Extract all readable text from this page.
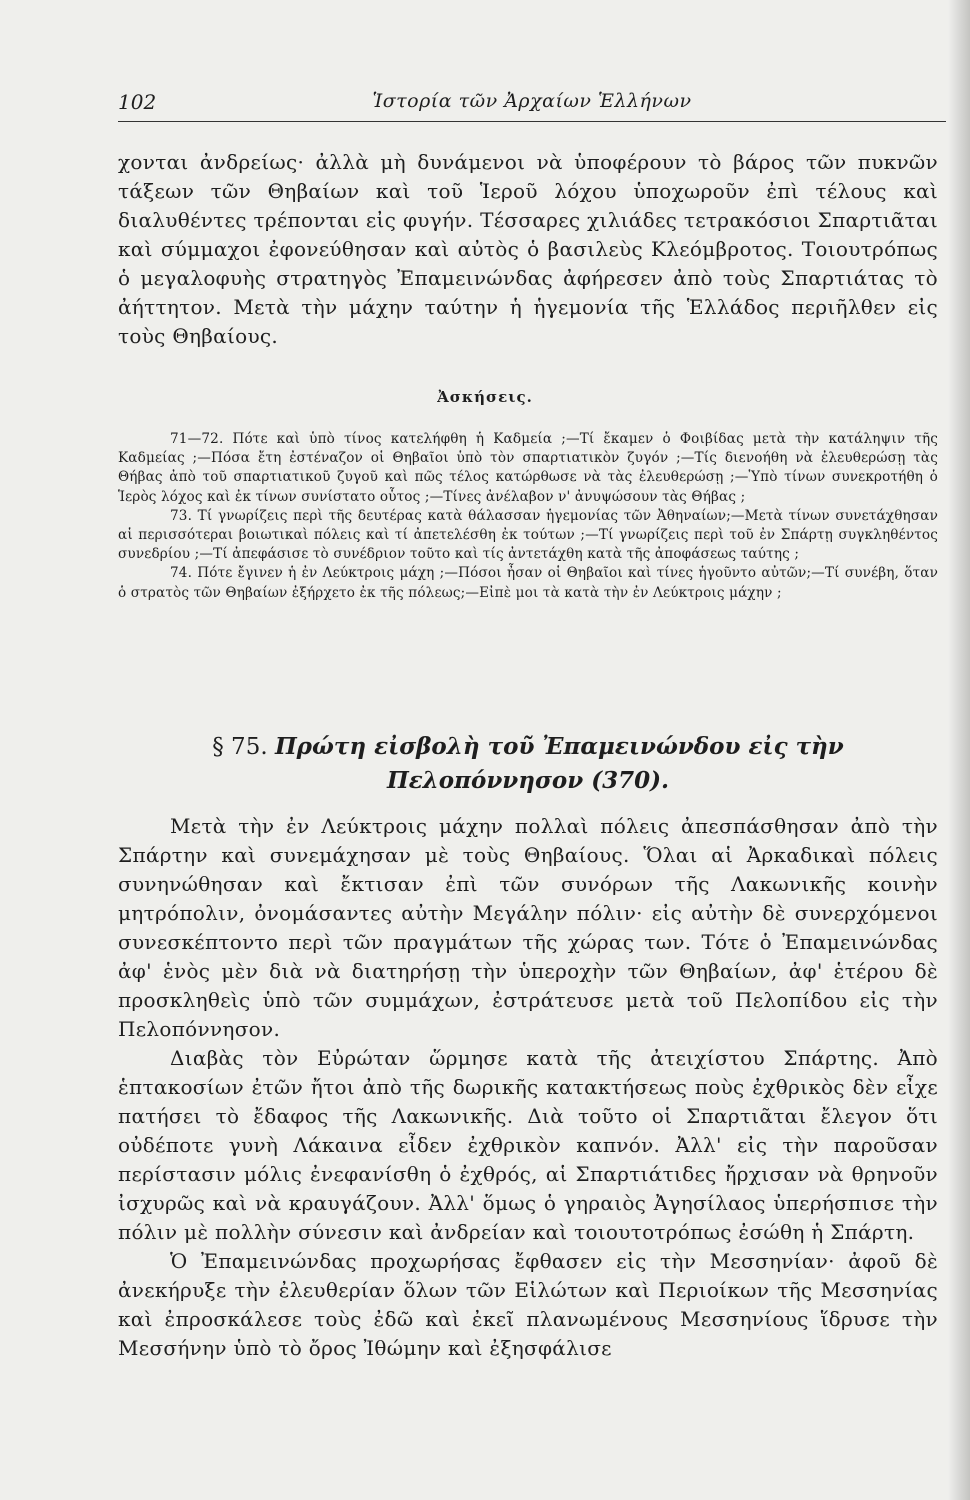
102	Ἱστορία τῶν Ἀρχαίων Ἑλλήνων

χονται ἀνδρείως· ἀλλὰ μὴ δυνάμενοι νὰ ὑποφέρουν τὸ βάρος τῶν πυκνῶν τάξεων τῶν Θηβαίων καὶ τοῦ Ἱεροῦ λόχου ὑποχωροῦν ἐπὶ τέλους καὶ διαλυθέντες τρέπονται εἰς φυγήν. Τέσσαρες χιλιάδες τετρακόσιοι Σπαρτιᾶται καὶ σύμμαχοι ἐφονεύθησαν καὶ αὐτὸς ὁ βασιλεὺς Κλεόμβροτος. Τοιουτρόπως ὁ μεγαλοφυὴς στρατηγὸς Ἐπαμεινώνδας ἀφήρεσεν ἀπὸ τοὺς Σπαρτιάτας τὸ ἀήττητον. Μετὰ τὴν μάχην ταύτην ἡ ἡγεμονία τῆς Ἑλλάδος περιῆλθεν εἰς τοὺς Θηβαίους.

Ἀσκήσεις.

71—72. Πότε καὶ ὑπὸ τίνος κατελήφθη ἡ Καδμεία ;—Τί ἔκαμεν ὁ Φοιβίδας μετὰ τὴν κατάληψιν τῆς Καδμείας ;—Πόσα ἔτη ἐστέναζον οἱ Θηβαῖοι ὑπὸ τὸν σπαρτιατικὸν ζυγόν ;—Τίς διενοήθη νὰ ἐλευθερώσῃ τὰς Θήβας ἀπὸ τοῦ σπαρτιατικοῦ ζυγοῦ καὶ πῶς τέλος κατώρθωσε νὰ τὰς ἐλευθερώσῃ ;—Ὑπὸ τίνων συνεκροτήθη ὁ Ἱερὸς λόχος καὶ ἐκ τίνων συνίστατο οὗτος ;—Τίνες ἀνέλαβον ν' ἀνυψώσουν τὰς Θήβας ;

73. Τί γνωρίζεις περὶ τῆς δευτέρας κατὰ θάλασσαν ἡγεμονίας τῶν Ἀθηναίων;—Μετὰ τίνων συνετάχθησαν αἱ περισσότεραι βοιωτικαὶ πόλεις καὶ τί ἀπετελέσθη ἐκ τούτων ;—Τί γνωρίζεις περὶ τοῦ ἐν Σπάρτῃ συγκληθέντος συνεδρίου ;—Τί ἀπεφάσισε τὸ συνέδριον τοῦτο καὶ τίς ἀντετάχθη κατὰ τῆς ἀποφάσεως ταύτης ;

74. Πότε ἔγινεν ἡ ἐν Λεύκτροις μάχη ;—Πόσοι ἦσαν οἱ Θηβαῖοι καὶ τίνες ἡγοῦντο αὐτῶν;—Τί συνέβη, ὅταν ὁ στρατὸς τῶν Θηβαίων ἐξήρχετο ἐκ τῆς πόλεως;—Εἰπὲ μοι τὰ κατὰ τὴν ἐν Λεύκτροις μάχην ;

§ 75. Πρώτη εἰσβολὴ τοῦ Ἐπαμεινώνδου εἰς τὴν
Πελοπόννησον (370).

Μετὰ τὴν ἐν Λεύκτροις μάχην πολλαὶ πόλεις ἀπεσπάσθησαν ἀπὸ τὴν Σπάρτην καὶ συνεμάχησαν μὲ τοὺς Θηβαίους. Ὅλαι αἱ Ἀρκαδικαὶ πόλεις συνηνώθησαν καὶ ἔκτισαν ἐπὶ τῶν συνόρων τῆς Λακωνικῆς κοινὴν μητρόπολιν, ὀνομάσαντες αὐτὴν Μεγάλην πόλιν· εἰς αὐτὴν δὲ συνερχόμενοι συνεσκέπτοντο περὶ τῶν πραγμάτων τῆς χώρας των. Τότε ὁ Ἐπαμεινώνδας ἀφ' ἑνὸς μὲν διὰ νὰ διατηρήσῃ τὴν ὑπεροχὴν τῶν Θηβαίων, ἀφ' ἑτέρου δὲ προσκληθεὶς ὑπὸ τῶν συμμάχων, ἐστράτευσε μετὰ τοῦ Πελοπίδου εἰς τὴν Πελοπόννησον.

Διαβὰς τὸν Εὐρώταν ὥρμησε κατὰ τῆς ἀτειχίστου Σπάρτης. Ἀπὸ ἑπτακοσίων ἐτῶν ἤτοι ἀπὸ τῆς δωρικῆς κατακτήσεως ποὺς ἐχθρικὸς δὲν εἶχε πατήσει τὸ ἔδαφος τῆς Λακωνικῆς. Διὰ τοῦτο οἱ Σπαρτιᾶται ἔλεγον ὅτι οὐδέποτε γυνὴ Λάκαινα εἶδεν ἐχθρικὸν καπνόν. Ἀλλ' εἰς τὴν παροῦσαν περίστασιν μόλις ἐνεφανίσθη ὁ ἐχθρός, αἱ Σπαρτιάτιδες ἤρχισαν νὰ θρηνοῦν ἰσχυρῶς καὶ νὰ κραυγάζουν. Ἀλλ' ὅμως ὁ γηραιὸς Ἀγησίλαος ὑπερήσπισε τὴν πόλιν μὲ πολλὴν σύνεσιν καὶ ἀνδρείαν καὶ τοιουτοτρόπως ἐσώθη ἡ Σπάρτη.

Ὁ Ἐπαμεινώνδας προχωρήσας ἔφθασεν εἰς τὴν Μεσσηνίαν· ἀφοῦ δὲ ἀνεκήρυξε τὴν ἐλευθερίαν ὅλων τῶν Εἱλώτων καὶ Περιοίκων τῆς Μεσσηνίας καὶ ἐπροσκάλεσε τοὺς ἐδῶ καὶ ἐκεῖ πλανωμένους Μεσσηνίους ἵδρυσε τὴν Μεσσήνην ὑπὸ τὸ ὄρος Ἰθώμην καὶ ἐξησφάλισε
